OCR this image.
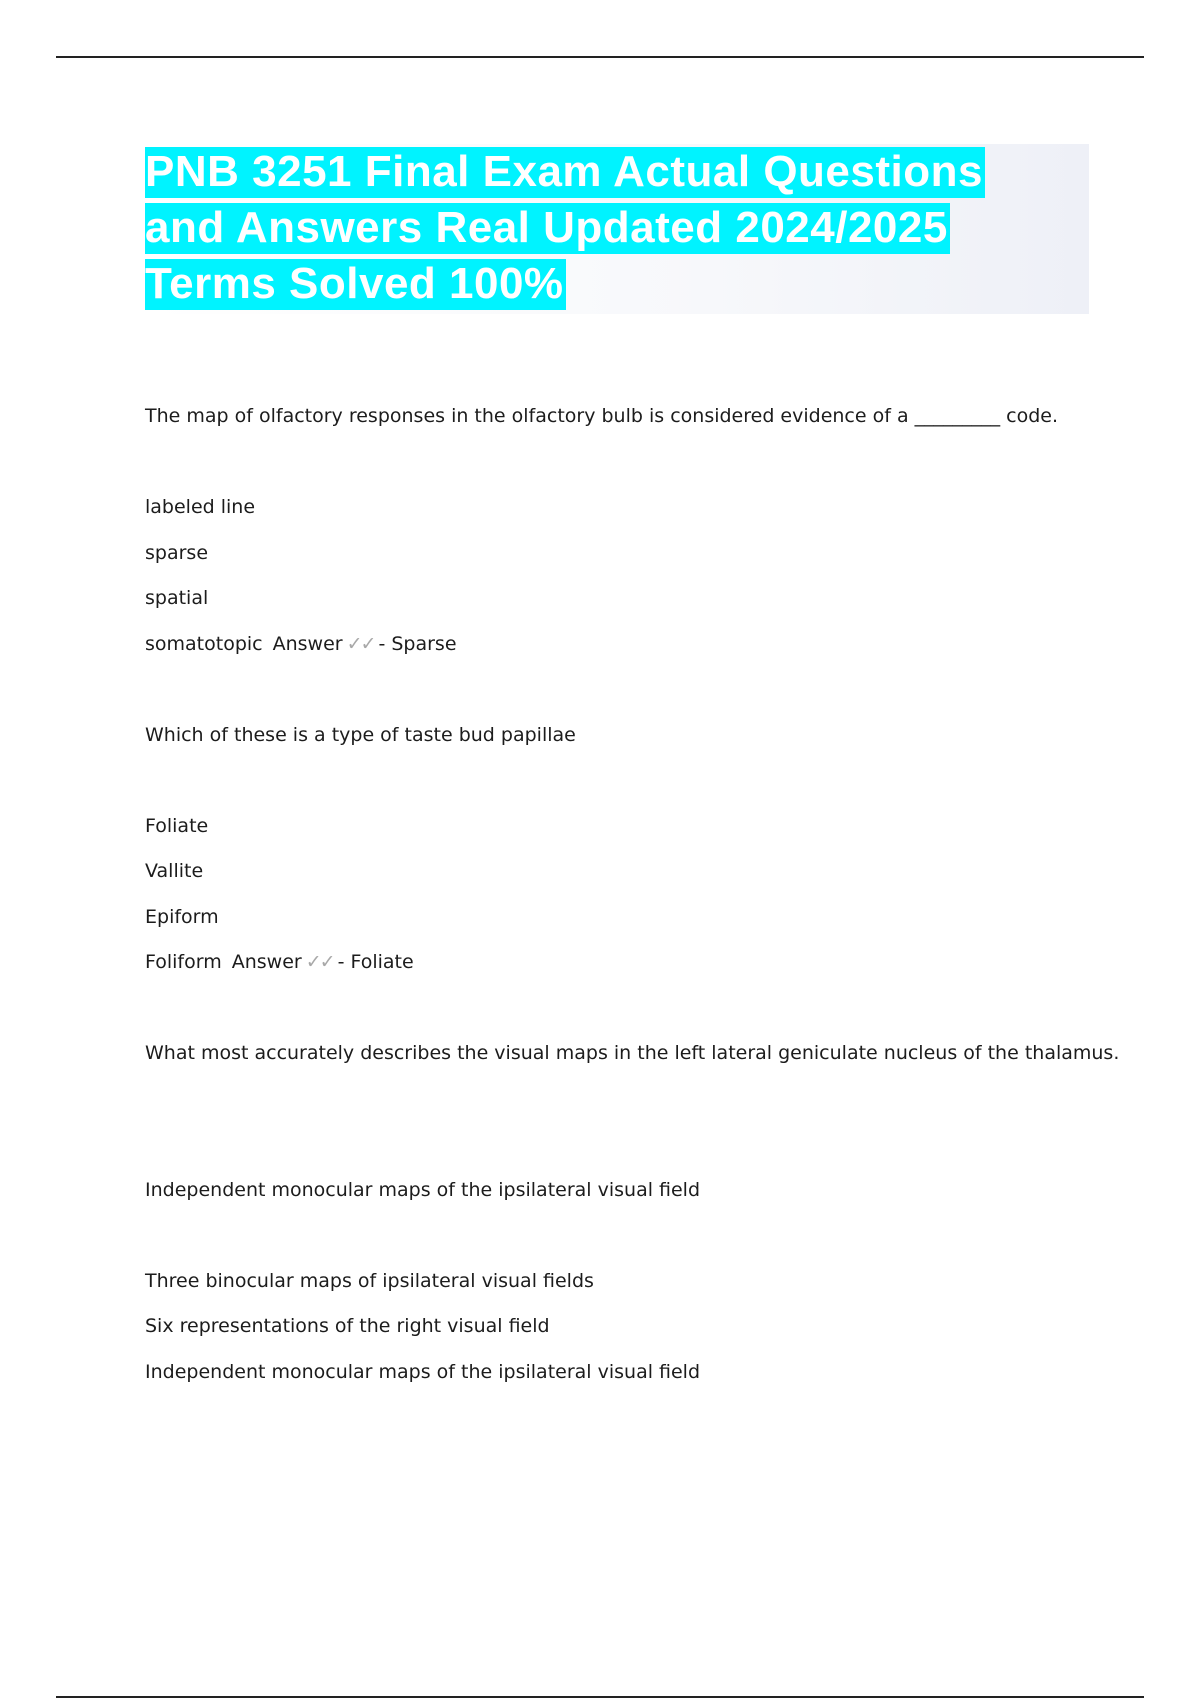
PNB 3251 Final Exam Actual Questions and Answers Real Updated 2024/2025 Terms Solved 100%

The map of olfactory responses in the olfactory bulb is considered evidence of a _________ code.

labeled line

sparse

spatial

somatotopic Answer ✓✓ - Sparse

Which of these is a type of taste bud papillae

Foliate

Vallite

Epiform

Foliform Answer ✓✓ - Foliate

What most accurately describes the visual maps in the left lateral geniculate nucleus of the thalamus.

Independent monocular maps of the ipsilateral visual field

Three binocular maps of ipsilateral visual fields

Six representations of the right visual field

Independent monocular maps of the ipsilateral visual field
